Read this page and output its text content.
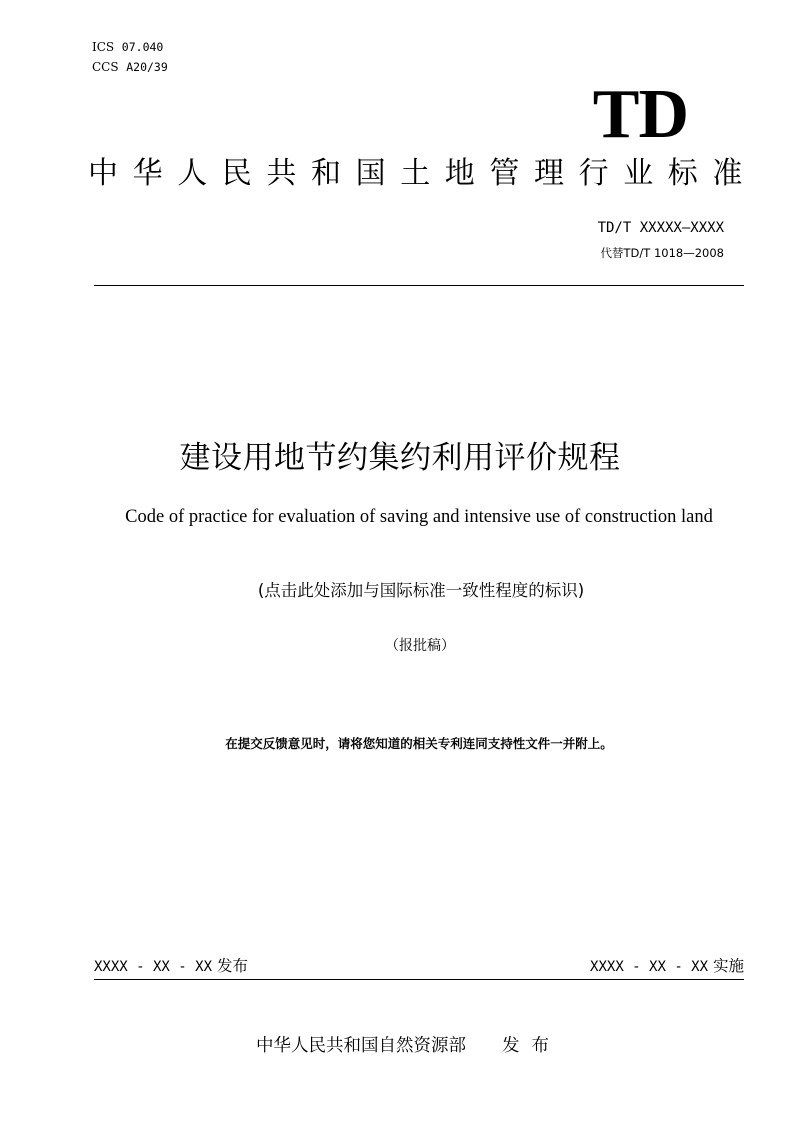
ICS 07.040
CCS A20/39
TD
中华人民共和国土地管理行业标准
TD/T XXXXX—XXXX
代替TD/T 1018—2008
建设用地节约集约利用评价规程
Code of practice for evaluation of saving and intensive use of construction land
(点击此处添加与国际标准一致性程度的标识)
（报批稿）
在提交反馈意见时，请将您知道的相关专利连同支持性文件一并附上。
XXXX - XX - XX 发布	XXXX - XX - XX 实施
中华人民共和国自然资源部 发布
